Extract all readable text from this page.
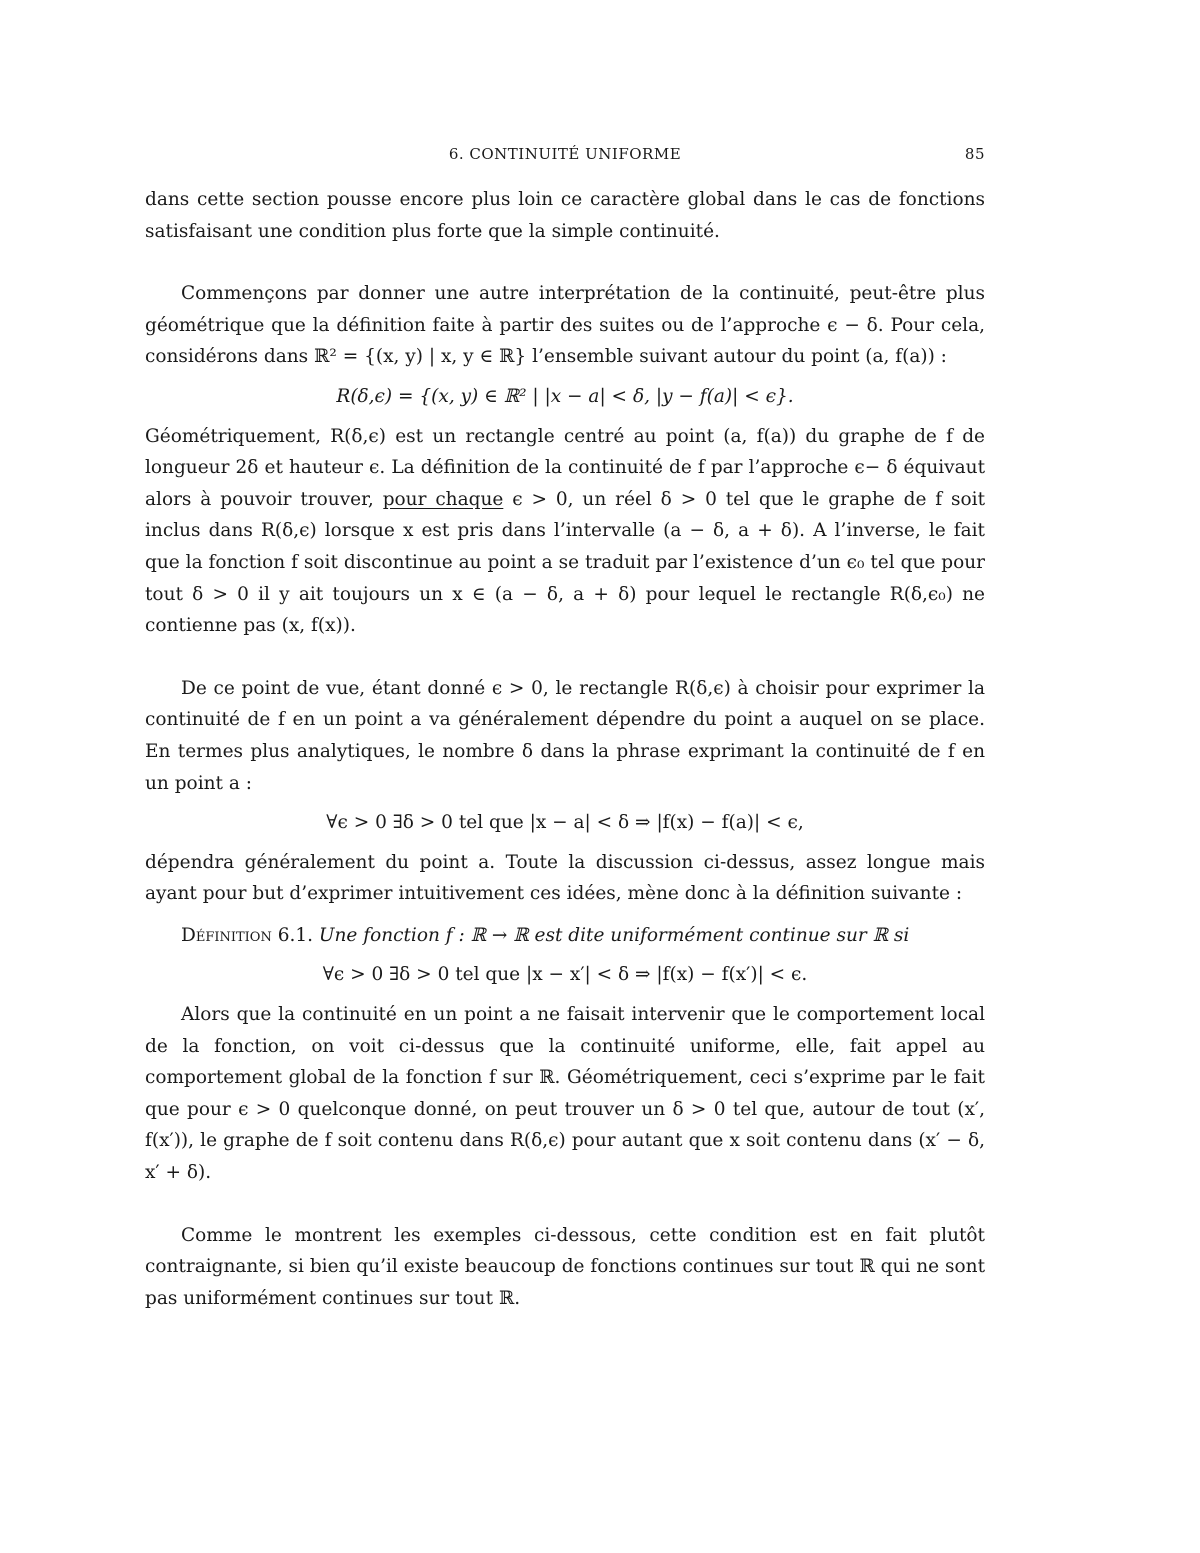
6. CONTINUITÉ UNIFORME	85

dans cette section pousse encore plus loin ce caractère global dans le cas de fonctions satisfaisant une condition plus forte que la simple continuité.

Commençons par donner une autre interprétation de la continuité, peut-être plus géométrique que la définition faite à partir des suites ou de l’approche ϵ − δ. Pour cela, considérons dans ℝ² = {(x, y) | x, y ∈ ℝ} l’ensemble suivant autour du point (a, f(a)) :

R(δ,ϵ) = {(x, y) ∈ ℝ² | |x − a| < δ, |y − f(a)| < ϵ}.

Géométriquement, R(δ,ϵ) est un rectangle centré au point (a, f(a)) du graphe de f de longueur 2δ et hauteur ϵ. La définition de la continuité de f par l’approche ϵ− δ équivaut alors à pouvoir trouver, pour chaque ϵ > 0, un réel δ > 0 tel que le graphe de f soit inclus dans R(δ,ϵ) lorsque x est pris dans l’intervalle (a − δ, a + δ). A l’inverse, le fait que la fonction f soit discontinue au point a se traduit par l’existence d’un ϵ₀ tel que pour tout δ > 0 il y ait toujours un x ∈ (a − δ, a + δ) pour lequel le rectangle R(δ,ϵ₀) ne contienne pas (x, f(x)).

De ce point de vue, étant donné ϵ > 0, le rectangle R(δ,ϵ) à choisir pour exprimer la continuité de f en un point a va généralement dépendre du point a auquel on se place. En termes plus analytiques, le nombre δ dans la phrase exprimant la continuité de f en un point a :

∀ϵ > 0 ∃δ > 0 tel que |x − a| < δ ⇒ |f(x) − f(a)| < ϵ,

dépendra généralement du point a. Toute la discussion ci-dessus, assez longue mais ayant pour but d’exprimer intuitivement ces idées, mène donc à la définition suivante :

Définition 6.1. Une fonction f : ℝ → ℝ est dite uniformément continue sur ℝ si

∀ϵ > 0 ∃δ > 0 tel que |x − x′| < δ ⇒ |f(x) − f(x′)| < ϵ.

Alors que la continuité en un point a ne faisait intervenir que le comportement local de la fonction, on voit ci-dessus que la continuité uniforme, elle, fait appel au comportement global de la fonction f sur ℝ. Géométriquement, ceci s’exprime par le fait que pour ϵ > 0 quelconque donné, on peut trouver un δ > 0 tel que, autour de tout (x′, f(x′)), le graphe de f soit contenu dans R(δ,ϵ) pour autant que x soit contenu dans (x′ − δ, x′ + δ).

Comme le montrent les exemples ci-dessous, cette condition est en fait plutôt contraignante, si bien qu’il existe beaucoup de fonctions continues sur tout ℝ qui ne sont pas uniformément continues sur tout ℝ.
